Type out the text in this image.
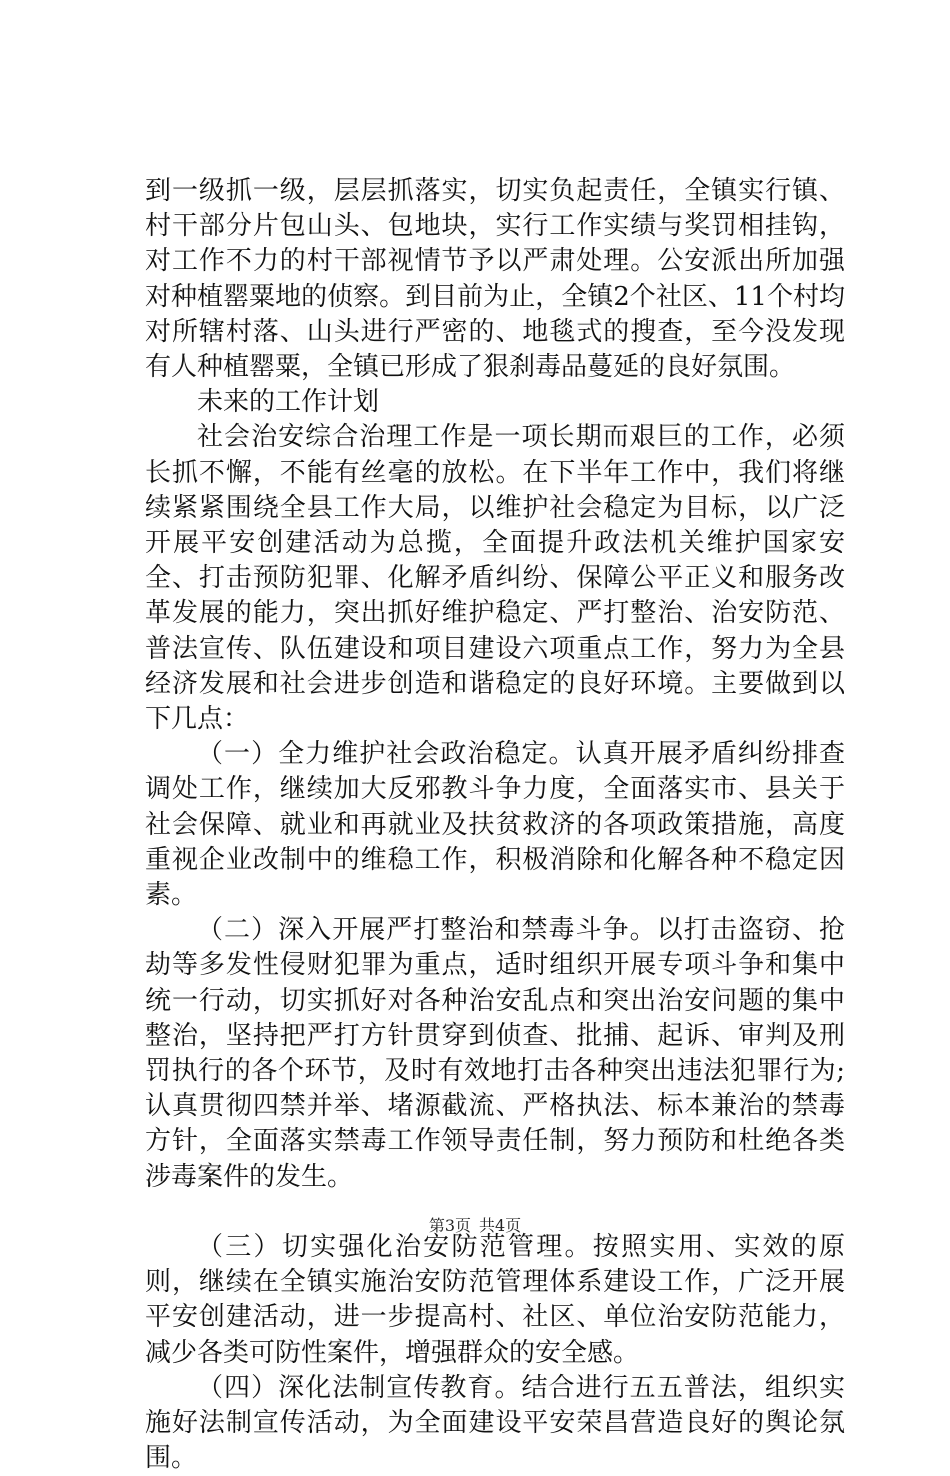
到一级抓一级，层层抓落实，切实负起责任，全镇实行镇、村干部分片包山头、包地块，实行工作实绩与奖罚相挂钩，对工作不力的村干部视情节予以严肃处理。公安派出所加强对种植罂粟地的侦察。到目前为止，全镇2个社区、11个村均对所辖村落、山头进行严密的、地毯式的搜查，至今没发现有人种植罂粟，全镇已形成了狠刹毒品蔓延的良好氛围。

未来的工作计划

社会治安综合治理工作是一项长期而艰巨的工作，必须长抓不懈，不能有丝毫的放松。在下半年工作中，我们将继续紧紧围绕全县工作大局，以维护社会稳定为目标，以广泛开展平安创建活动为总揽，全面提升政法机关维护国家安全、打击预防犯罪、化解矛盾纠纷、保障公平正义和服务改革发展的能力，突出抓好维护稳定、严打整治、治安防范、普法宣传、队伍建设和项目建设六项重点工作，努力为全县经济发展和社会进步创造和谐稳定的良好环境。主要做到以下几点：

（一）全力维护社会政治稳定。认真开展矛盾纠纷排查调处工作，继续加大反邪教斗争力度，全面落实市、县关于社会保障、就业和再就业及扶贫救济的各项政策措施，高度重视企业改制中的维稳工作，积极消除和化解各种不稳定因素。

（二）深入开展严打整治和禁毒斗争。以打击盗窃、抢劫等多发性侵财犯罪为重点，适时组织开展专项斗争和集中统一行动，切实抓好对各种治安乱点和突出治安问题的集中整治，坚持把严打方针贯穿到侦查、批捕、起诉、审判及刑罚执行的各个环节，及时有效地打击各种突出违法犯罪行为;认真贯彻四禁并举、堵源截流、严格执法、标本兼治的禁毒方针，全面落实禁毒工作领导责任制，努力预防和杜绝各类涉毒案件的发生。

（三）切实强化治安防范管理。按照实用、实效的原则，继续在全镇实施治安防范管理体系建设工作，广泛开展平安创建活动，进一步提高村、社区、单位治安防范能力，减少各类可防性案件，增强群众的安全感。

（四）深化法制宣传教育。结合进行五五普法，组织实施好法制宣传活动，为全面建设平安荣昌营造良好的舆论氛围。

第3页 共4页
